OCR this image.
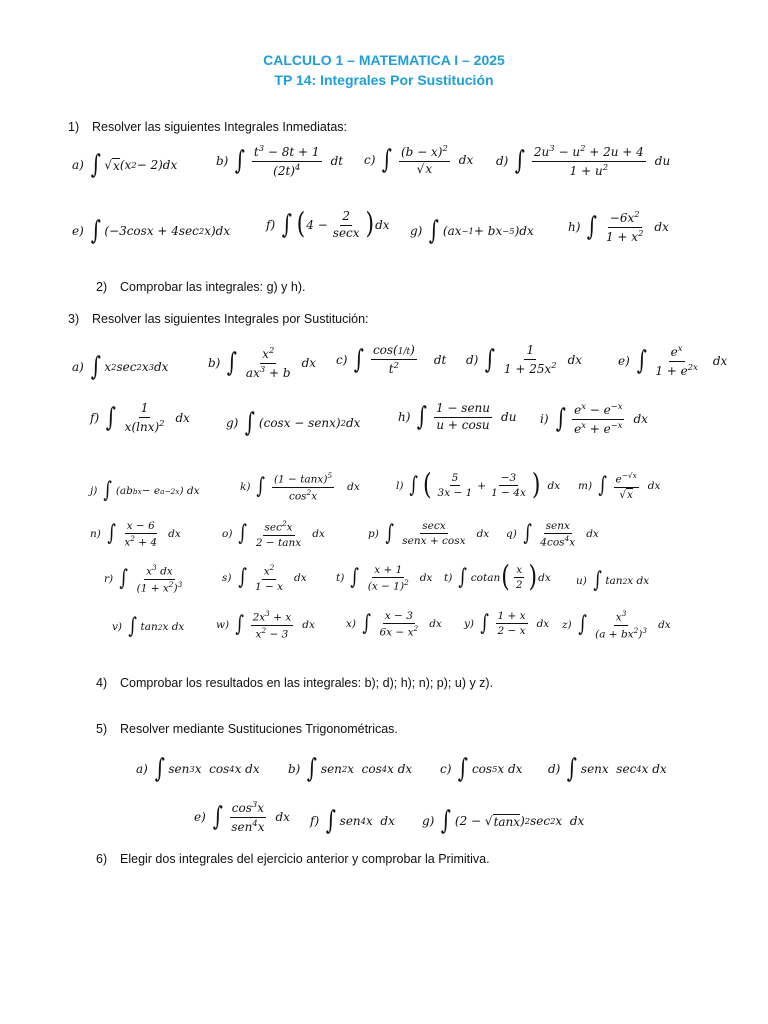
CALCULO 1 – MATEMATICA I – 2025
TP 14: Integrales Por Sustitución
1) Resolver las siguientes Integrales Inmediatas:
a) ∫ √ x (x 2 − 2)dx	b) ∫ $\frac{t^3 - 8t + 1}{(2t)^4}$ dt c) ∫ $\frac{(b - x)^2}{√x}$ dx d) ∫ $\frac{2u^3 - u^2 + 2u + 4}{1 + u^2}$ du
e) ∫ (−3cosx + 4sec 2 x)dx	f) ∫ ( $4 - \frac{2}{\sec x}$ ) dx g) ∫ (ax −1 + bx −5 )dx	h) ∫ $\frac{-6x^2}{1 + x^2}$ dx
2) Comprobar las integrales: g) y h).
3) Resolver las siguientes Integrales por Sustitución:
a) ∫ x 2 sec 2 x 3 dx	b) ∫ $\frac{x^2}{ax^3 + b}$ dx c) ∫ $\frac{\cos(1/t)}{t^2}$ dt d) ∫ $\frac{1}{1 + 25x^2}$ dx	e) ∫ $\frac{e^x}{1 + e^{2x}}$ dx
f) ∫ $\frac{1}{x(\ln x)^2}$ dx	g) ∫ (cosx − senx) 2 dx	h) ∫ $\frac{\text{1 − senu}}{u + \cos u}$ du i) ∫ $\frac{e^x - e^{-x}}{e^x + e^{-x}}$ dx
j) ∫ (ab bx − e a−2x ) dx	k) ∫ $\frac{(1 - \tan x)^5}{\cos^2x}$ dx	l) ∫ ( $\frac{5}{3x - 1} + \frac{-3}{1 - 4x}$ ) dx m) ∫ $\frac{e^{-√x}}{√x}$ dx
n) ∫ $\frac{x - 6}{x^2 + 4}$ dx	o) ∫ $\frac{\sec^2x}{2 - \tan x}$ dx	p) ∫ $\frac{\sec x}{\text{senx + cosx}}$ dx q) ∫ $\frac{\text{senx}}{4\cos^4x}$ dx
r) ∫ $\frac{x^3 dx}{(1 + x^2)^3}$	s) ∫ $\frac{x^2}{1 - x}$ dx	t) ∫ $\frac{x + 1}{(x - 1)^2}$ dx t) ∫ cotan ( $\frac{x}{2}$ ) dx u) ∫ tan 2 x dx
v) ∫ tan 2 x dx	w) ∫ $\frac{2x^3 + x}{x^2 - 3}$ dx	x) ∫ $\frac{x - 3}{6x - x^2}$ dx y) ∫ $\frac{1 + x}{2 - x}$ dx z) ∫ $\frac{x^3}{(a + bx^2)^3}$ dx
4) Comprobar los resultados en las integrales: b); d); h); n); p); u) y z).
5) Resolver mediante Sustituciones Trigonométricas.
a) ∫ sen 3 x  cos 4 x dx b) ∫ sen 2 x  cos 4 x dx c) ∫ cos 5 x dx d) ∫ senx  sec 4 x dx
e) ∫ $\frac{\cos^3x}{sen^4x}$ dx f) ∫ sen 4 x  dx g) ∫ (2 − √ tanx ) 2 sec 2 x  dx
6) Elegir dos integrales del ejercicio anterior y comprobar la Primitiva.
